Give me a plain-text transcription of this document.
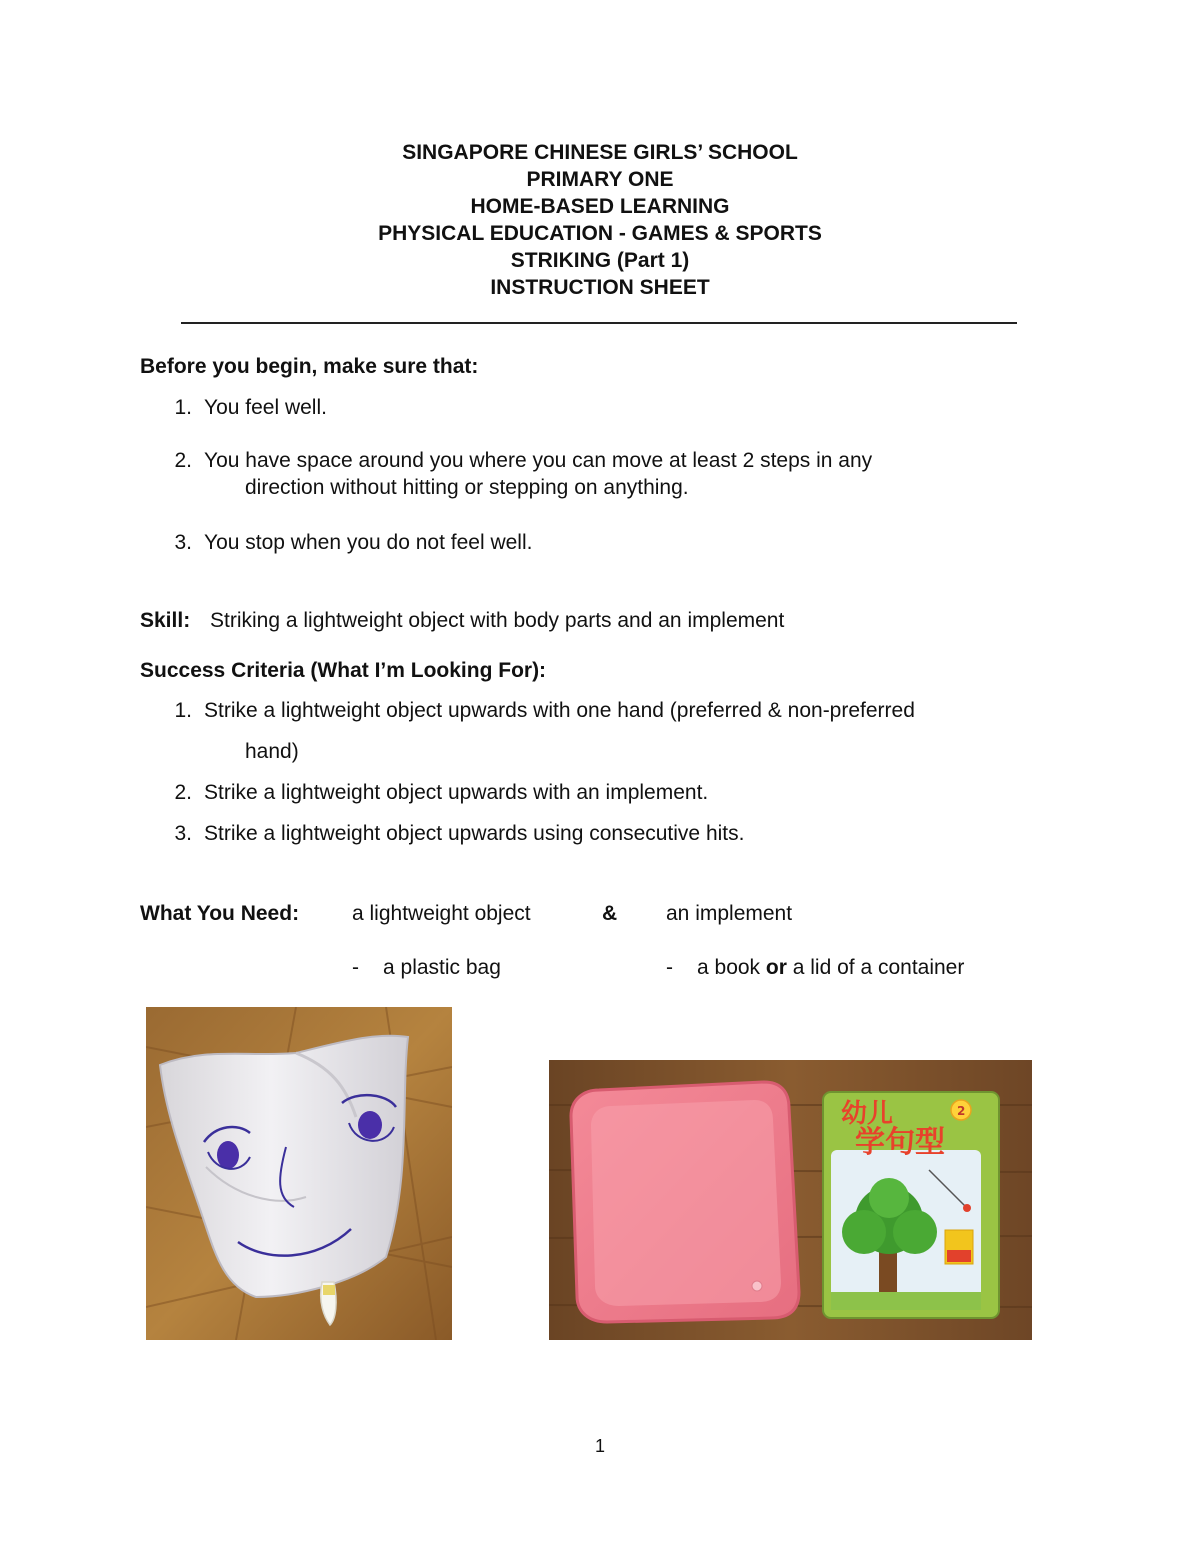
SINGAPORE CHINESE GIRLS’ SCHOOL
PRIMARY ONE
HOME-BASED LEARNING
PHYSICAL EDUCATION - GAMES & SPORTS
STRIKING (Part 1)
INSTRUCTION SHEET
Before you begin, make sure that:
1. You feel well.
2. You have space around you where you can move at least 2 steps in any
direction without hitting or stepping on anything.
3. You stop when you do not feel well.
Skill: Striking a lightweight object with body parts and an implement
Success Criteria (What I’m Looking For):
1. Strike a lightweight object upwards with one hand (preferred & non-preferred
hand)
2. Strike a lightweight object upwards with an implement.
3. Strike a lightweight object upwards using consecutive hits.
What You Need:	a lightweight object	& an implement
- a plastic bag	- a book or a lid of a container
幼儿
学句型
2
1
